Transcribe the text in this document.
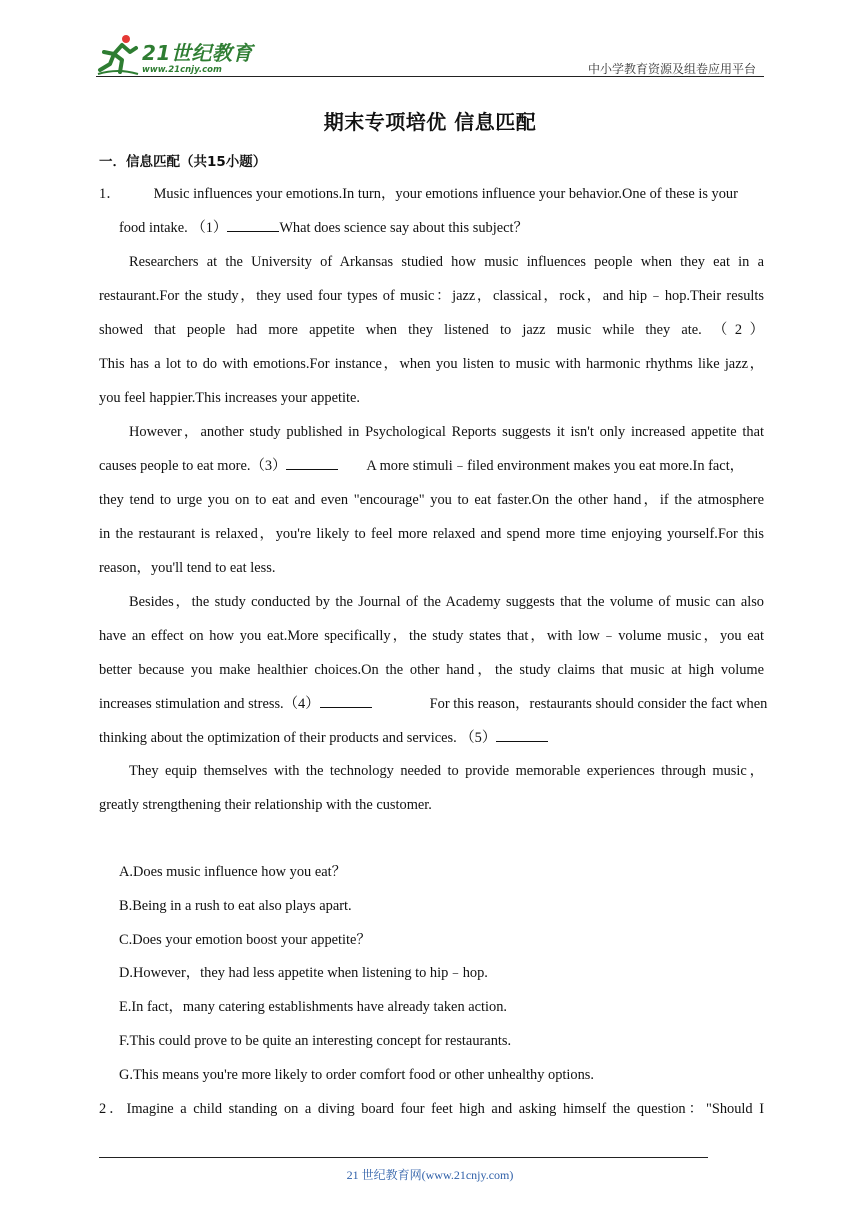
21世纪教育
www.21cnjy.com	中小学教育资源及组卷应用平台
期末专项培优 信息匹配
一．信息匹配（共15小题）
1． Music influences your emotions.In turn，your emotions influence your behavior.One of these is your
food intake. （1）	What does science say about this subject？
Researchers at the University of Arkansas studied how music influences people when they eat in a
restaurant.For the study，they used four types of music：jazz，classical，rock，and hip﹣hop.Their results
showed that people had more appetite when they listened to jazz music while they ate. （2）
This has a lot to do with emotions.For instance，when you listen to music with harmonic rhythms like jazz，
you feel happier.This increases your appetite.
However，another study published in Psychological Reports suggests it isn't only increased appetite that
causes people to eat more.（3）	A more stimuli﹣filed environment makes you eat more.In fact，
they tend to urge you on to eat and even "encourage" you to eat faster.On the other hand，if the atmosphere
in the restaurant is relaxed，you're likely to feel more relaxed and spend more time enjoying yourself.For this
reason，you'll tend to eat less.
Besides，the study conducted by the Journal of the Academy suggests that the volume of music can also
have an effect on how you eat.More specifically，the study states that，with low﹣volume music，you eat
better because you make healthier choices.On the other hand，the study claims that music at high volume
increases stimulation and stress.（4）	For this reason，restaurants should consider the fact when
thinking about the optimization of their products and services. （5）
They equip themselves with the technology needed to provide memorable experiences through music，
greatly strengthening their relationship with the customer.
A.Does music influence how you eat？
B.Being in a rush to eat also plays apart.
C.Does your emotion boost your appetite？
D.However，they had less appetite when listening to hip﹣hop.
E.In fact，many catering establishments have already taken action.
F.This could prove to be quite an interesting concept for restaurants.
G.This means you're more likely to order comfort food or other unhealthy options.
2．Imagine a child standing on a diving board four feet high and asking himself the question："Should I
21 世纪教育网(www.21cnjy.com)
